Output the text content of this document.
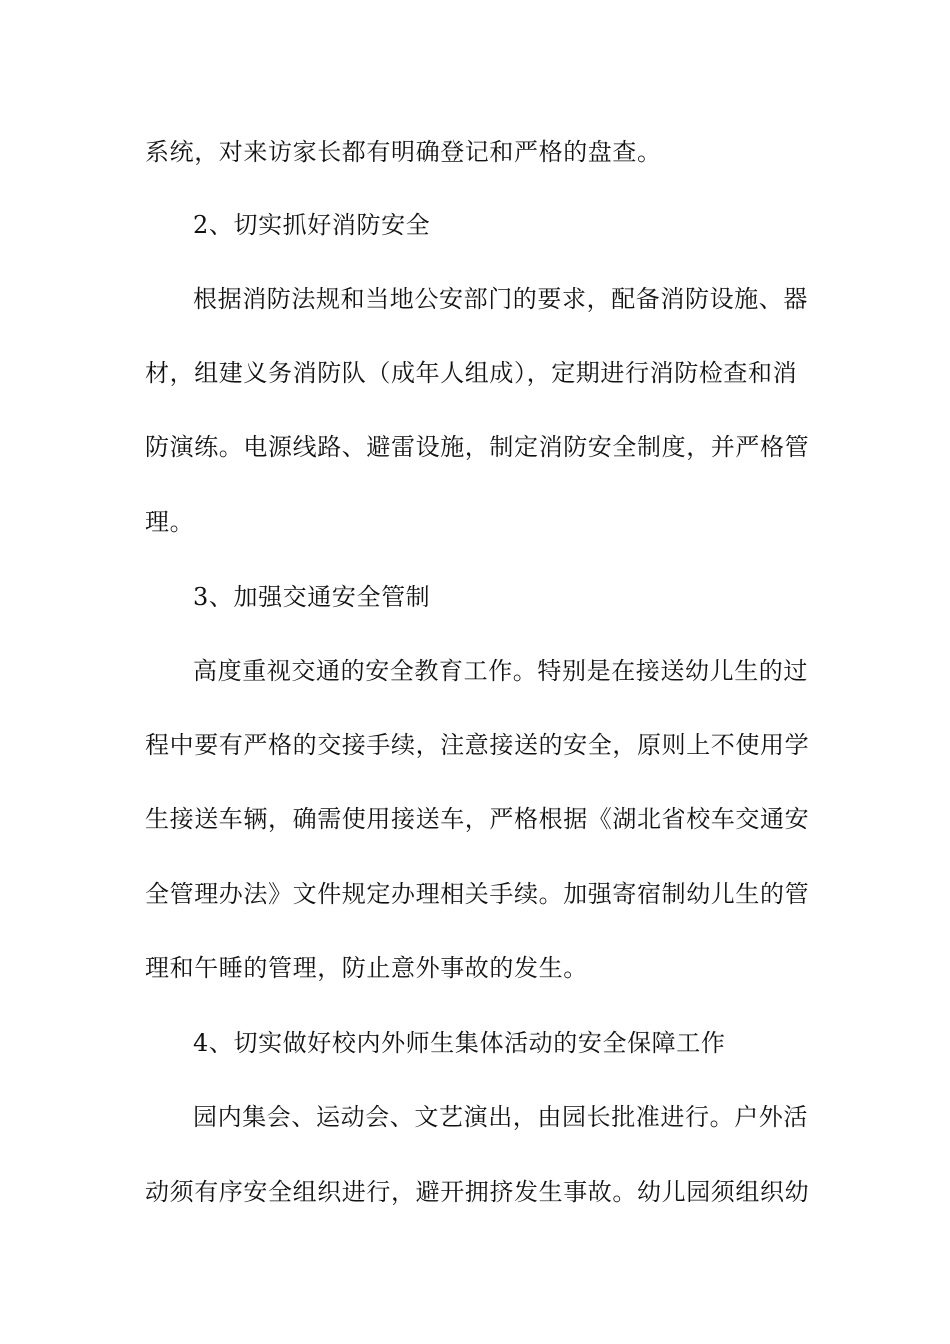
系统，对来访家长都有明确登记和严格的盘查。
2、切实抓好消防安全
根据消防法规和当地公安部门的要求，配备消防设施、器
材，组建义务消防队（成年人组成），定期进行消防检查和消
防演练。电源线路、避雷设施，制定消防安全制度，并严格管
理。
3、加强交通安全管制
高度重视交通的安全教育工作。特别是在接送幼儿生的过
程中要有严格的交接手续，注意接送的安全，原则上不使用学
生接送车辆，确需使用接送车，严格根据《湖北省校车交通安
全管理办法》文件规定办理相关手续。加强寄宿制幼儿生的管
理和午睡的管理，防止意外事故的发生。
4、切实做好校内外师生集体活动的安全保障工作
园内集会、运动会、文艺演出，由园长批准进行。户外活
动须有序安全组织进行，避开拥挤发生事故。幼儿园须组织幼
